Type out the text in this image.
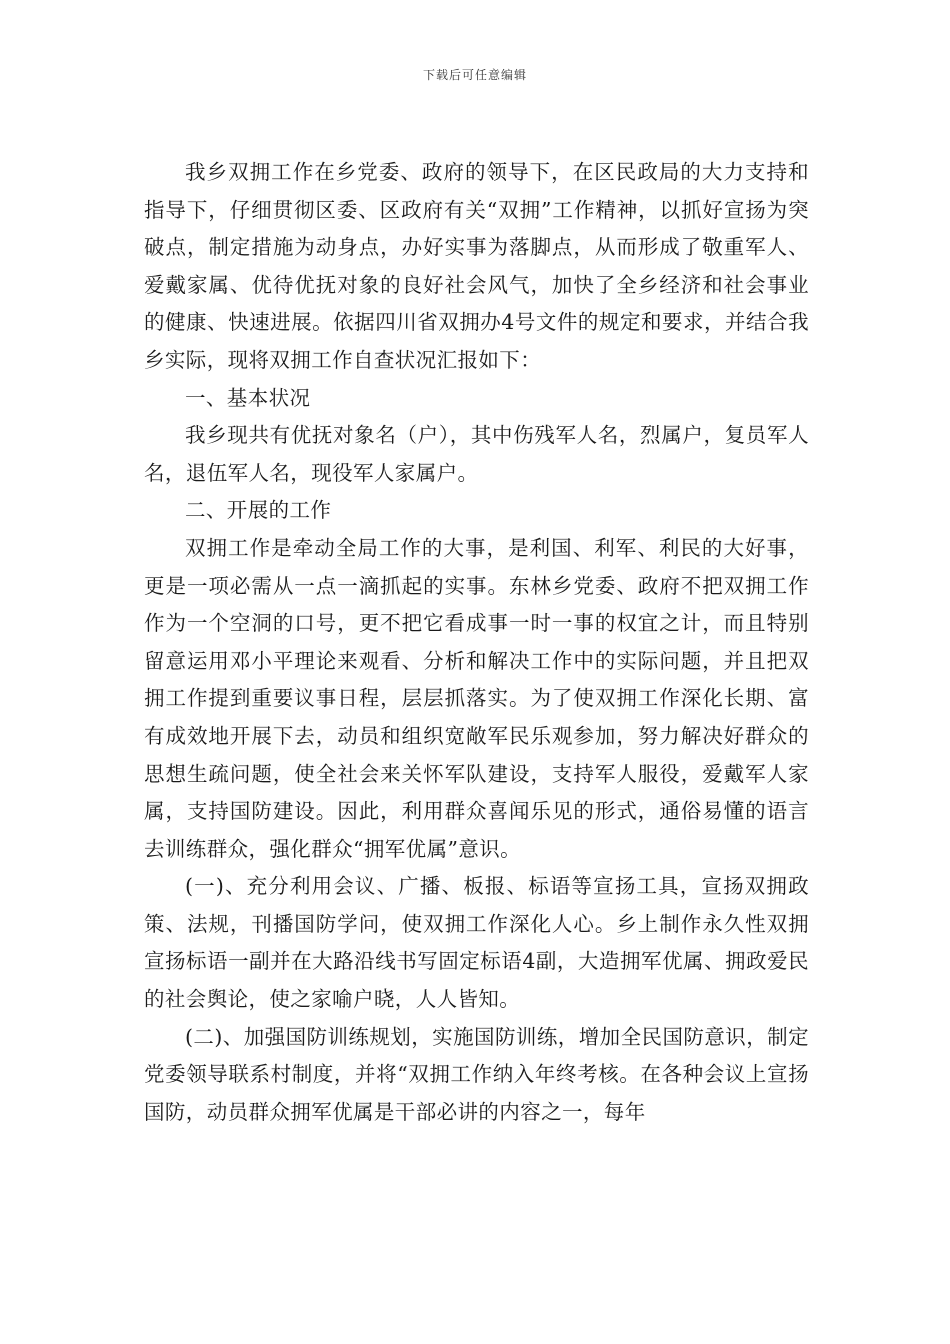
下载后可任意编辑

我乡双拥工作在乡党委、政府的领导下，在区民政局的大力支持和指导下，仔细贯彻区委、区政府有关“双拥”工作精神，以抓好宣扬为突破点，制定措施为动身点，办好实事为落脚点，从而形成了敬重军人、爱戴家属、优待优抚对象的良好社会风气，加快了全乡经济和社会事业的健康、快速进展。依据四川省双拥办4号文件的规定和要求，并结合我乡实际，现将双拥工作自查状况汇报如下：

一、基本状况

我乡现共有优抚对象名（户），其中伤残军人名，烈属户，复员军人名，退伍军人名，现役军人家属户。

二、开展的工作

双拥工作是牵动全局工作的大事，是利国、利军、利民的大好事，更是一项必需从一点一滴抓起的实事。东林乡党委、政府不把双拥工作作为一个空洞的口号，更不把它看成事一时一事的权宜之计，而且特别留意运用邓小平理论来观看、分析和解决工作中的实际问题，并且把双拥工作提到重要议事日程，层层抓落实。为了使双拥工作深化长期、富有成效地开展下去，动员和组织宽敞军民乐观参加，努力解决好群众的思想生疏问题，使全社会来关怀军队建设，支持军人服役，爱戴军人家属，支持国防建设。因此，利用群众喜闻乐见的形式，通俗易懂的语言去训练群众，强化群众“拥军优属”意识。

(一)、充分利用会议、广播、板报、标语等宣扬工具，宣扬双拥政策、法规，刊播国防学问，使双拥工作深化人心。乡上制作永久性双拥宣扬标语一副并在大路沿线书写固定标语4副，大造拥军优属、拥政爱民的社会舆论，使之家喻户晓，人人皆知。

(二)、加强国防训练规划，实施国防训练，增加全民国防意识，制定党委领导联系村制度，并将“双拥工作纳入年终考核。在各种会议上宣扬国防，动员群众拥军优属是干部必讲的内容之一，每年
